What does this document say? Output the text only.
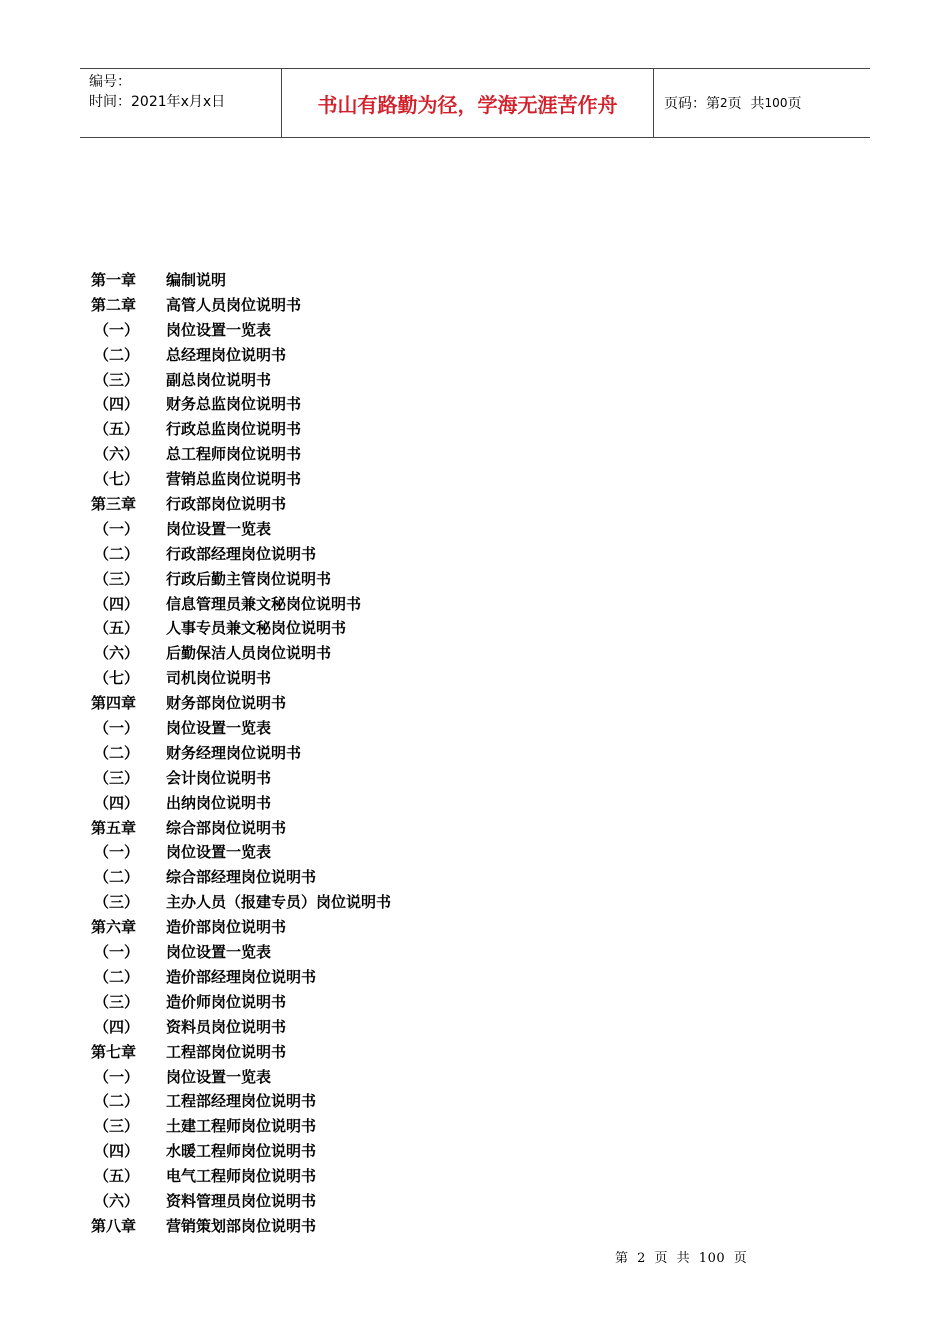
编号：
时间：2021年x月x日	书山有路勤为径，学海无涯苦作舟	页码：第 2 页  共 100 页
第一章 编制说明
第二章 高管人员岗位说明书
（一） 岗位设置一览表
（二） 总经理岗位说明书
（三） 副总岗位说明书
（四） 财务总监岗位说明书
（五） 行政总监岗位说明书
（六） 总工程师岗位说明书
（七） 营销总监岗位说明书
第三章 行政部岗位说明书
（一） 岗位设置一览表
（二） 行政部经理岗位说明书
（三） 行政后勤主管岗位说明书
（四） 信息管理员兼文秘岗位说明书
（五） 人事专员兼文秘岗位说明书
（六） 后勤保洁人员岗位说明书
（七） 司机岗位说明书
第四章 财务部岗位说明书
（一） 岗位设置一览表
（二） 财务经理岗位说明书
（三） 会计岗位说明书
（四） 出纳岗位说明书
第五章 综合部岗位说明书
（一） 岗位设置一览表
（二） 综合部经理岗位说明书
（三） 主办人员（报建专员）岗位说明书
第六章 造价部岗位说明书
（一） 岗位设置一览表
（二） 造价部经理岗位说明书
（三） 造价师岗位说明书
（四） 资料员岗位说明书
第七章 工程部岗位说明书
（一） 岗位设置一览表
（二） 工程部经理岗位说明书
（三） 土建工程师岗位说明书
（四） 水暖工程师岗位说明书
（五） 电气工程师岗位说明书
（六） 资料管理员岗位说明书
第八章 营销策划部岗位说明书
第 2 页 共 100 页
